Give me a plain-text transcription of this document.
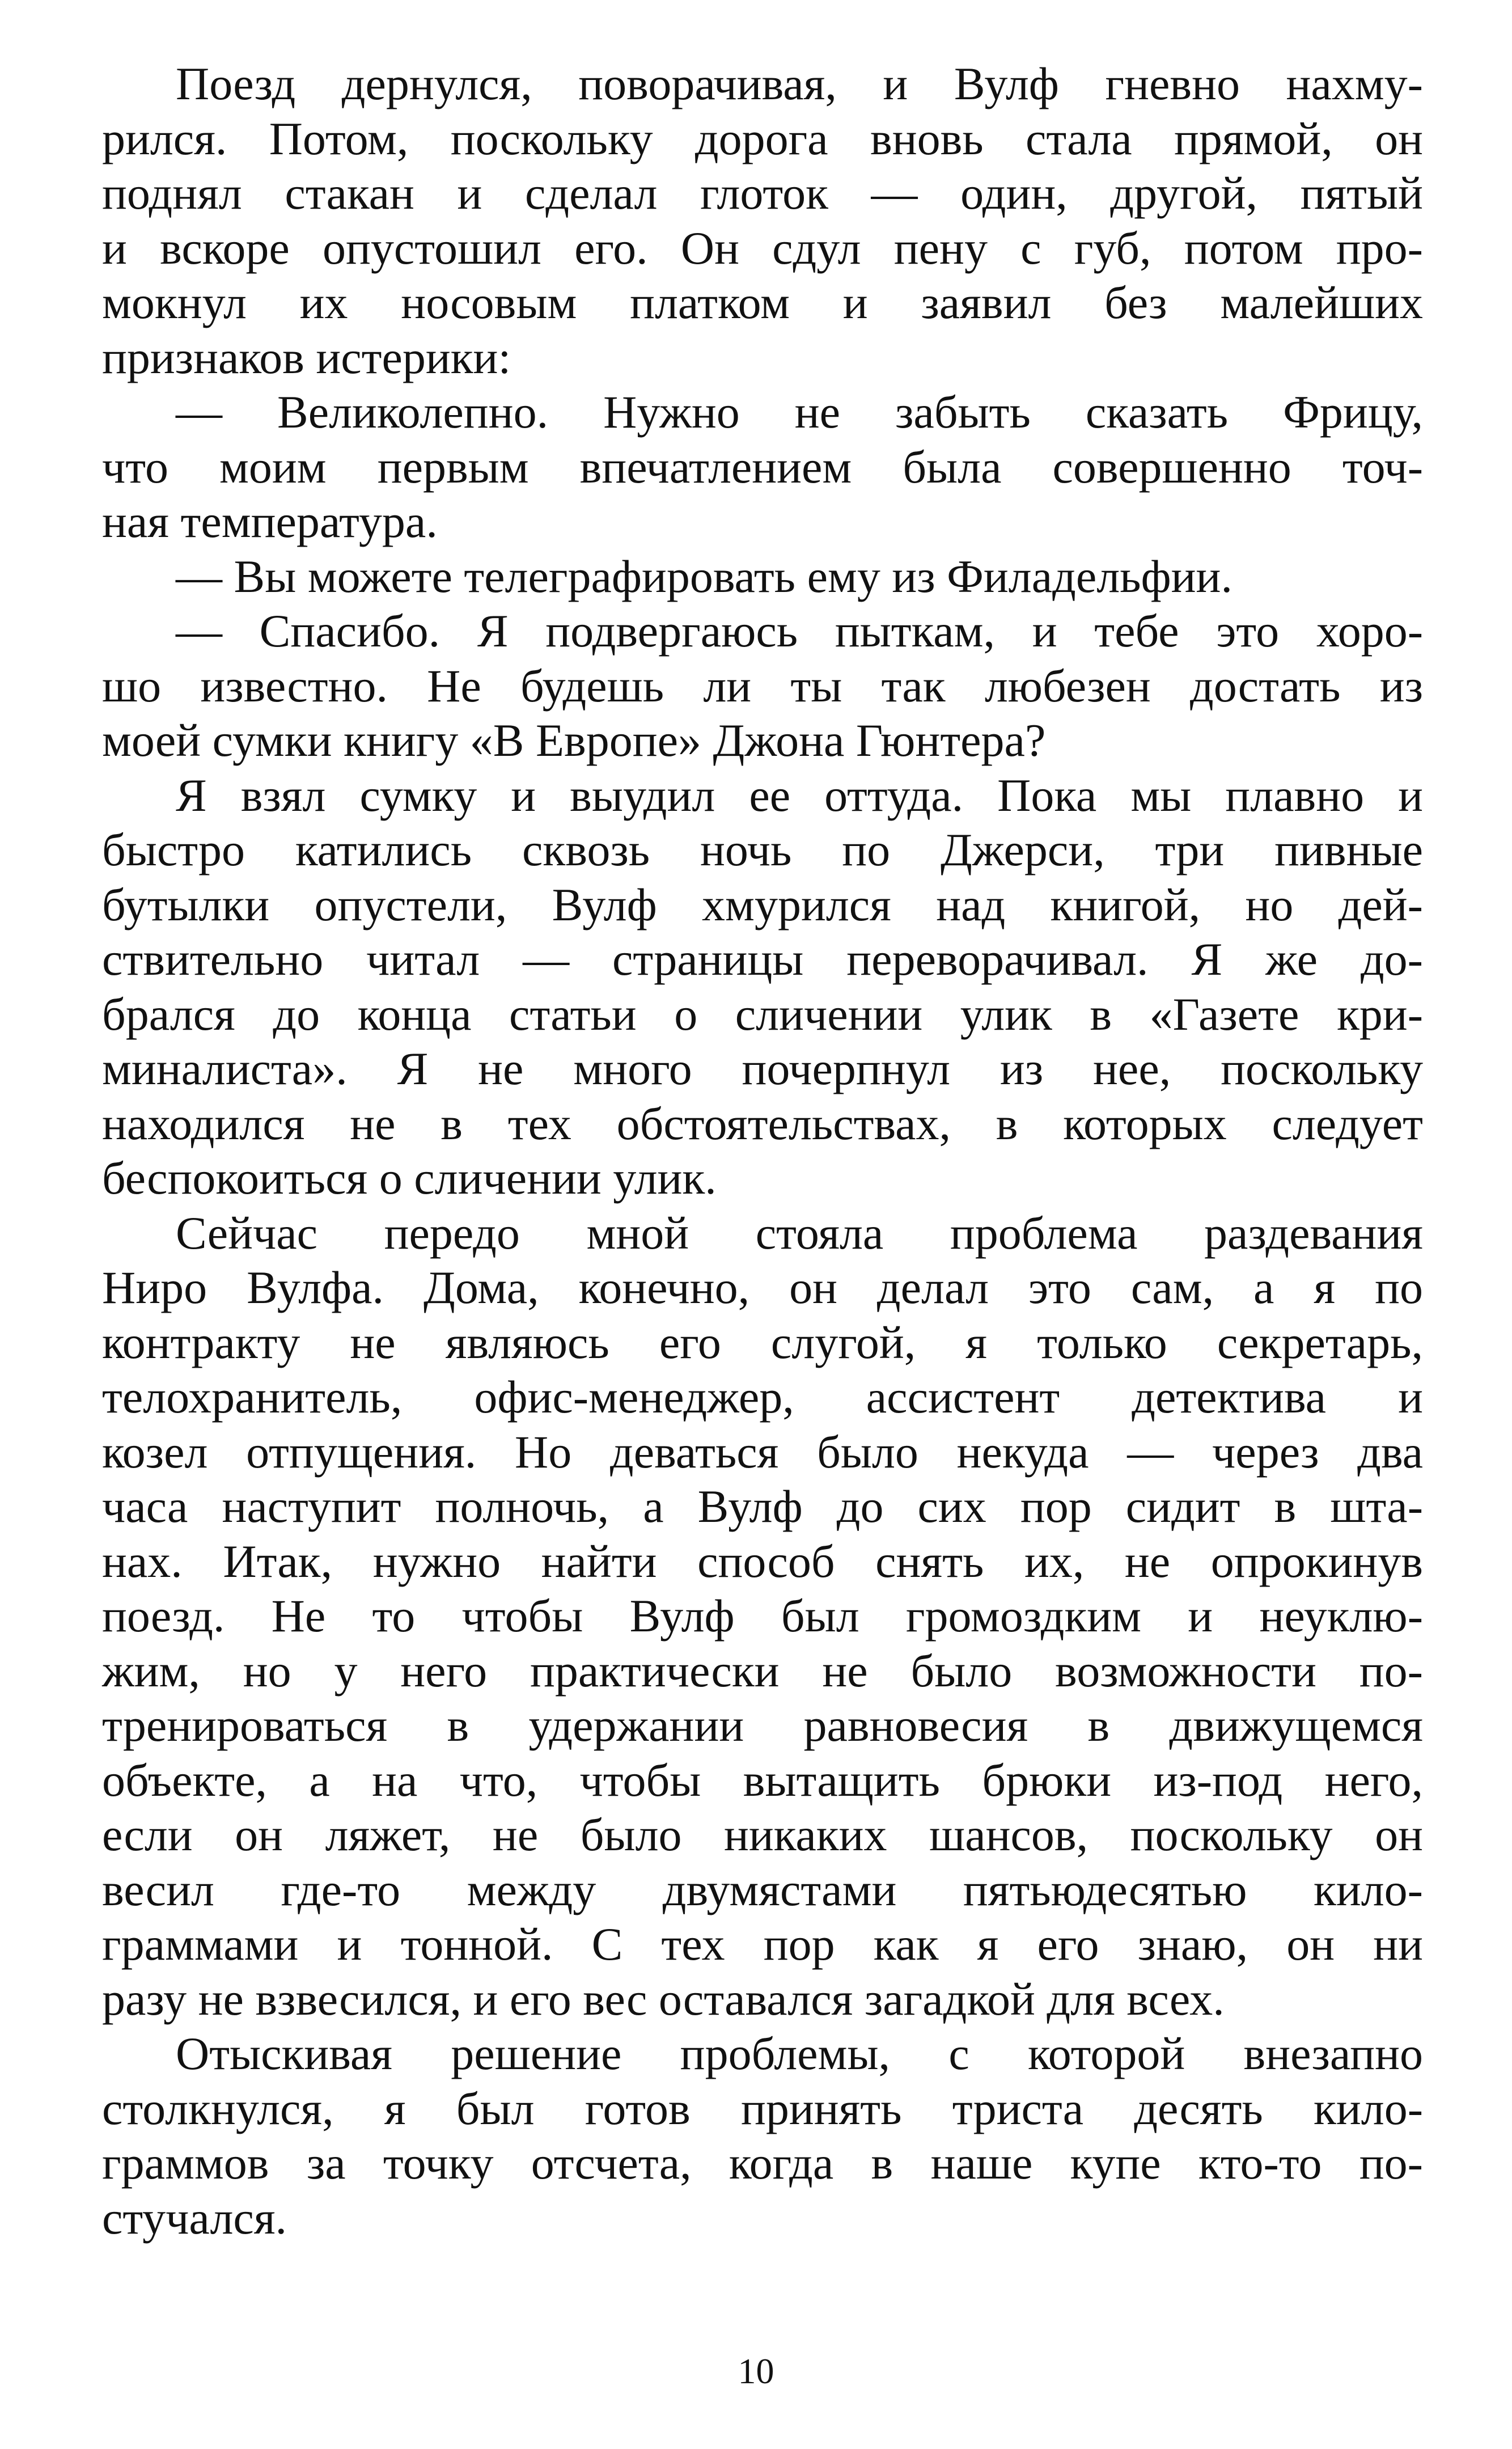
Поезд дернулся, поворачивая, и Вулф гневно нахму-
рился. Потом, поскольку дорога вновь стала прямой, он
поднял стакан и сделал глоток — один, другой, пятый
и вскоре опустошил его. Он сдул пену с губ, потом про-
мокнул их носовым платком и заявил без малейших
признаков истерики:
— Великолепно. Нужно не забыть сказать Фрицу,
что моим первым впечатлением была совершенно точ-
ная температура.
— Вы можете телеграфировать ему из Филадельфии.
— Спасибо. Я подвергаюсь пыткам, и тебе это хоро-
шо известно. Не будешь ли ты так любезен достать из
моей сумки книгу «В Европе» Джона Гюнтера?
Я взял сумку и выудил ее оттуда. Пока мы плавно и
быстро катились сквозь ночь по Джерси, три пивные
бутылки опустели, Вулф хмурился над книгой, но дей-
ствительно читал — страницы переворачивал. Я же до-
брался до конца статьи о сличении улик в «Газете кри-
миналиста». Я не много почерпнул из нее, поскольку
находился не в тех обстоятельствах, в которых следует
беспокоиться о сличении улик.
Сейчас передо мной стояла проблема раздевания
Ниро Вулфа. Дома, конечно, он делал это сам, а я по
контракту не являюсь его слугой, я только секретарь,
телохранитель, офис-менеджер, ассистент детектива и
козел отпущения. Но деваться было некуда — через два
часа наступит полночь, а Вулф до сих пор сидит в шта-
нах. Итак, нужно найти способ снять их, не опрокинув
поезд. Не то чтобы Вулф был громоздким и неуклю-
жим, но у него практически не было возможности по-
тренироваться в удержании равновесия в движущемся
объекте, а на что, чтобы вытащить брюки из-под него,
если он ляжет, не было никаких шансов, поскольку он
весил где-то между двумястами пятьюдесятью кило-
граммами и тонной. С тех пор как я его знаю, он ни
разу не взвесился, и его вес оставался загадкой для всех.
Отыскивая решение проблемы, с которой внезапно
столкнулся, я был готов принять триста десять кило-
граммов за точку отсчета, когда в наше купе кто-то по-
стучался.
10
